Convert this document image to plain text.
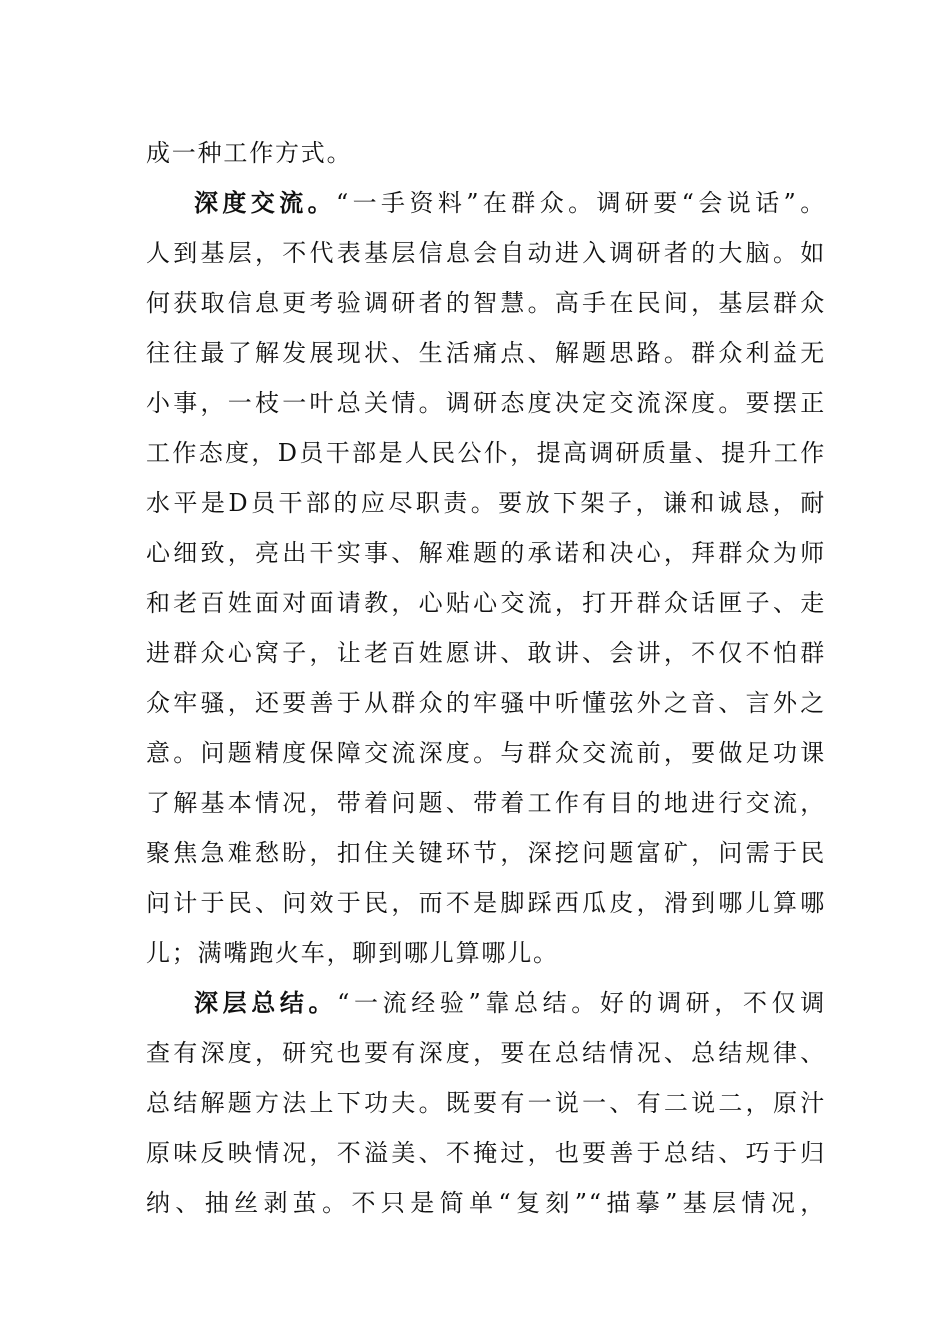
成一种工作方式。
深度交流。“一手资料”在群众。调研要“会说话”。
人到基层，不代表基层信息会自动进入调研者的大脑。如
何获取信息更考验调研者的智慧。高手在民间，基层群众
往往最了解发展现状、生活痛点、解题思路。群众利益无
小事，一枝一叶总关情。调研态度决定交流深度。要摆正
工作态度，D员干部是人民公仆，提高调研质量、提升工作
水平是D员干部的应尽职责。要放下架子，谦和诚恳，耐
心细致，亮出干实事、解难题的承诺和决心，拜群众为师
和老百姓面对面请教，心贴心交流，打开群众话匣子、走
进群众心窝子，让老百姓愿讲、敢讲、会讲，不仅不怕群
众牢骚，还要善于从群众的牢骚中听懂弦外之音、言外之
意。问题精度保障交流深度。与群众交流前，要做足功课
了解基本情况，带着问题、带着工作有目的地进行交流，
聚焦急难愁盼，扣住关键环节，深挖问题富矿，问需于民
问计于民、问效于民，而不是脚踩西瓜皮，滑到哪儿算哪
儿；满嘴跑火车，聊到哪儿算哪儿。
深层总结。“一流经验”靠总结。好的调研，不仅调
查有深度，研究也要有深度，要在总结情况、总结规律、
总结解题方法上下功夫。既要有一说一、有二说二，原汁
原味反映情况，不溢美、不掩过，也要善于总结、巧于归
纳、抽丝剥茧。不只是简单“复刻”“描摹”基层情况，
